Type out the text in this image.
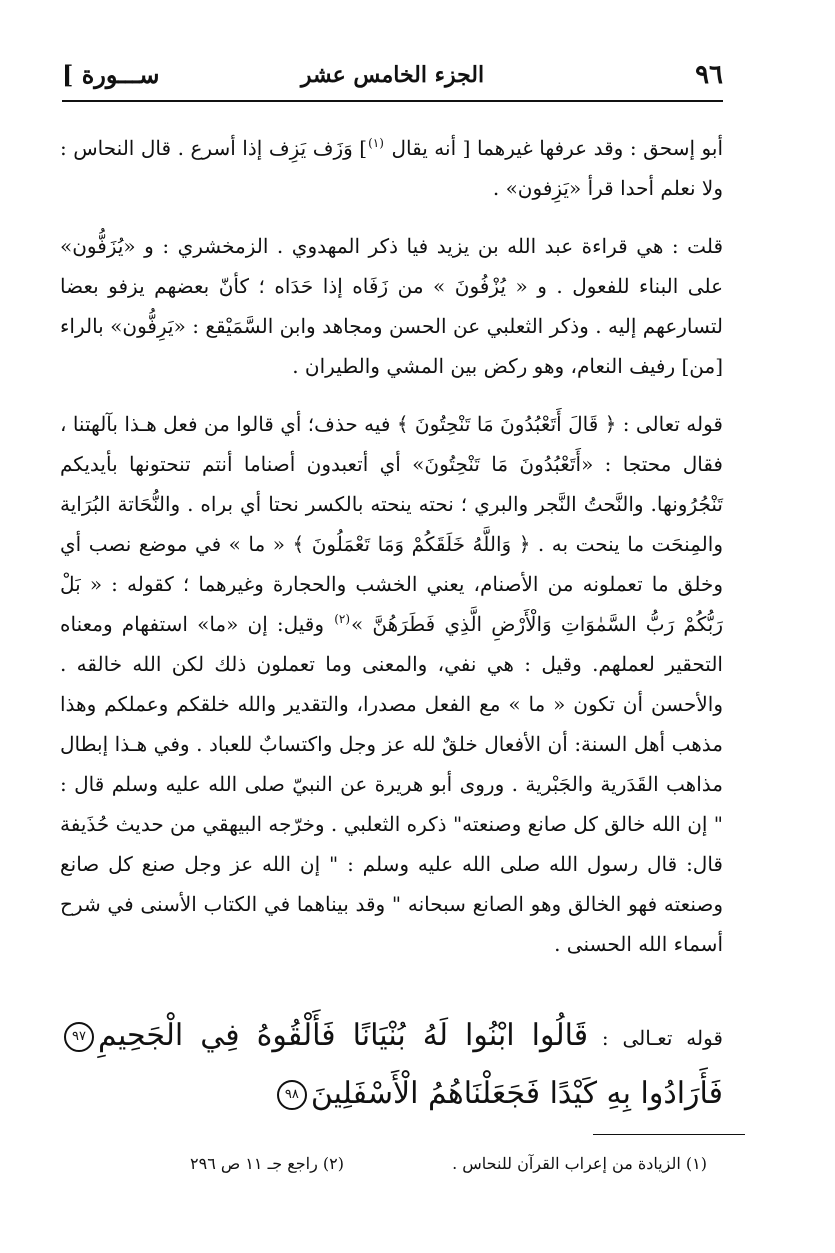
٩٦
الجزء الخامس عشر
[ ســـورة

أبو إسحق : وقد عرفها غيرهما [ أنه يقال $^{(١)}$] وَزَف يَزِف إذا أسرع . قال النحاس : ولا نعلم أحدا قرأ «يَزِفون» .

قلت : هي قراءة عبد الله بن يزيد فيا ذكر المهدوي . الزمخشري : و «يُزَفُّون» على البناء للفعول . و « يُزْفُونَ » من زَفَاه إذا حَدَاه ؛ كأنّ بعضهم يزفو بعضا لتسارعهم إليه . وذكر الثعلبي عن الحسن ومجاهد وابن السَّمَيْقع : «يَرِفُّون» بالراء [من] رفيف النعام، وهو ركض بين المشي والطيران .

قوله تعالى : ﴿ قَالَ أَتَعْبُدُونَ مَا تَنْحِتُونَ ﴾ فيه حذف؛ أي قالوا من فعل هـذا بآلهتنا ، فقال محتجا : «أَتَعْبُدُونَ مَا تَنْحِتُونَ» أي أتعبدون أصناما أنتم تنحتونها بأيديكم تَنْجُرُونها. والنَّحتُ النَّجر والبري ؛ نحته ينحته بالكسر نحتا أي براه . والنُّحَاتة البُرَاية والمِنحَت ما ينحت به . ﴿ وَاللَّهُ خَلَقَكُمْ وَمَا تَعْمَلُونَ ﴾ « ما » في موضع نصب أي وخلق ما تعملونه من الأصنام، يعني الخشب والحجارة وغيرهما ؛ كقوله : « بَلْ رَبُّكُمْ رَبُّ السَّمٰوَاتِ وَالْأَرْضِ الَّذِي فَطَرَهُنَّ »$^{(٢)}$ وقيل: إن «ما» استفهام ومعناه التحقير لعملهم. وقيل : هي نفي، والمعنى وما تعملون ذلك لكن الله خالقه . والأحسن أن تكون « ما » مع الفعل مصدرا، والتقدير والله خلقكم وعملكم وهذا مذهب أهل السنة: أن الأفعال خلقٌ لله عز وجل واكتسابٌ للعباد . وفي هـذا إبطال مذاهب القَدَرية والجَبْرية . وروى أبو هريرة عن النبيّ صلى الله عليه وسلم قال : " إن الله خالق كل صانع وصنعته" ذكره الثعلبي . وخرّجه البيهقي من حديث حُذَيفة قال: قال رسول الله صلى الله عليه وسلم : " إن الله عز وجل صنع كل صانع وصنعته فهو الخالق وهو الصانع سبحانه " وقد بيناهما في الكتاب الأسنى في شرح أسماء الله الحسنى .

قوله تعـالى : قَالُوا ابْنُوا لَهُ بُنْيَانًا فَأَلْقُوهُ فِي الْجَحِيمِ٩٧فَأَرَادُوا بِهِ كَيْدًا فَجَعَلْنَاهُمُ الْأَسْفَلِينَ٩٨
(١) الزيادة من إعراب القرآن للنحاس .
(٢) راجع جـ ١١ ص ٢٩٦
